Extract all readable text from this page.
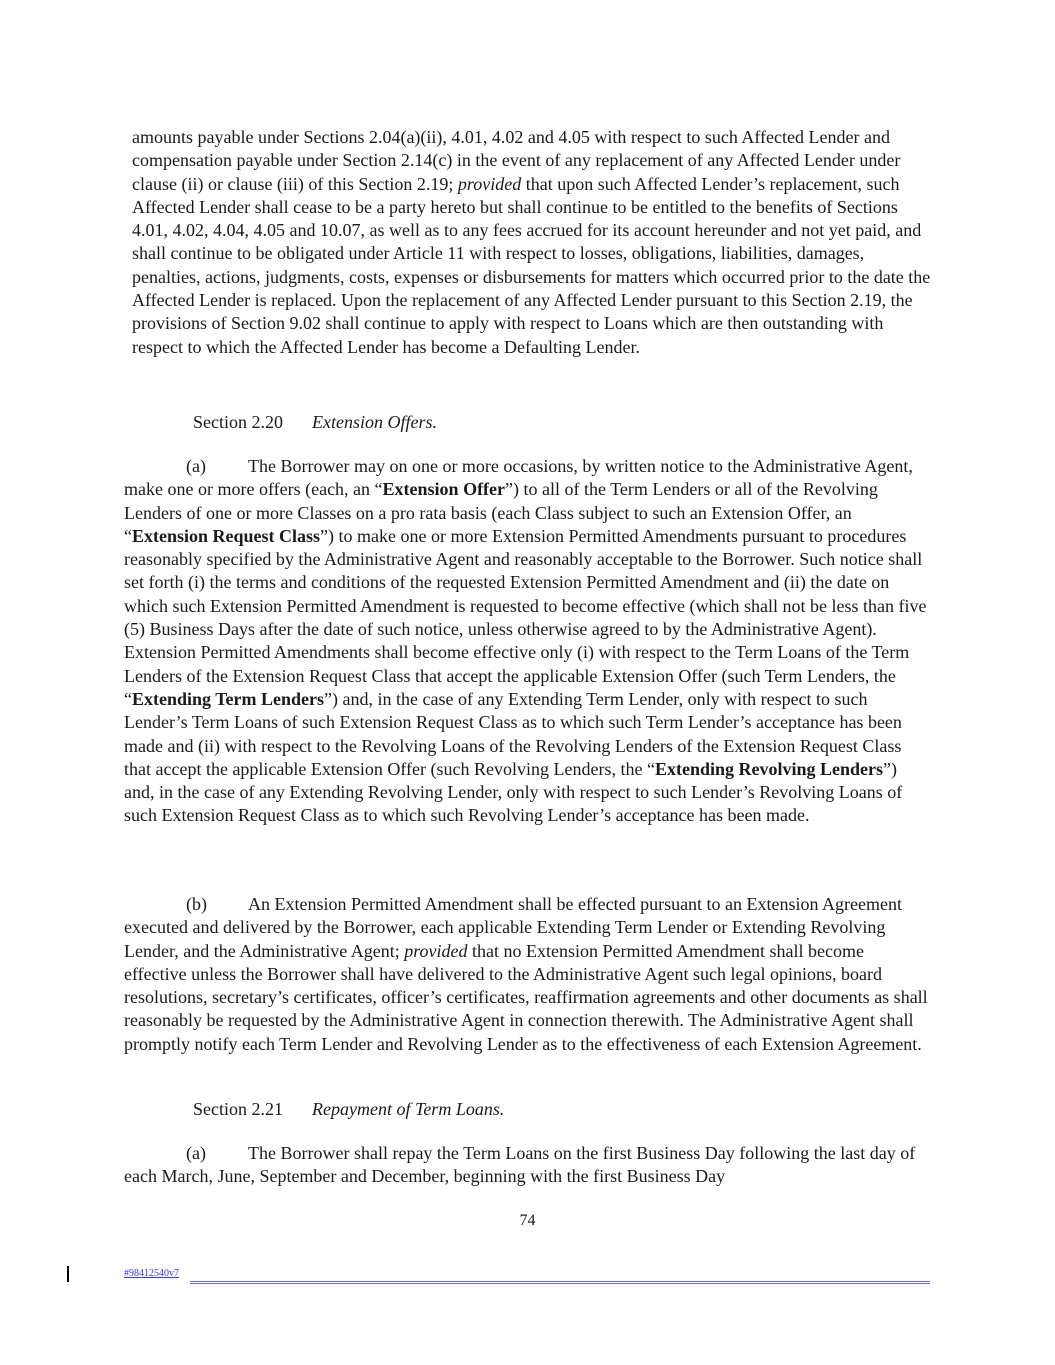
amounts payable under Sections 2.04(a)(ii), 4.01, 4.02 and 4.05 with respect to such Affected Lender and compensation payable under Section 2.14(c) in the event of any replacement of any Affected Lender under clause (ii) or clause (iii) of this Section 2.19; provided that upon such Affected Lender’s replacement, such Affected Lender shall cease to be a party hereto but shall continue to be entitled to the benefits of Sections 4.01, 4.02, 4.04, 4.05 and 10.07, as well as to any fees accrued for its account hereunder and not yet paid, and shall continue to be obligated under Article 11 with respect to losses, obligations, liabilities, damages, penalties, actions, judgments, costs, expenses or disbursements for matters which occurred prior to the date the Affected Lender is replaced. Upon the replacement of any Affected Lender pursuant to this Section 2.19, the provisions of Section 9.02 shall continue to apply with respect to Loans which are then outstanding with respect to which the Affected Lender has become a Defaulting Lender.

Section 2.20 Extension Offers.

(a) The Borrower may on one or more occasions, by written notice to the Administrative Agent, make one or more offers (each, an “Extension Offer”) to all of the Term Lenders or all of the Revolving Lenders of one or more Classes on a pro rata basis (each Class subject to such an Extension Offer, an “Extension Request Class”) to make one or more Extension Permitted Amendments pursuant to procedures reasonably specified by the Administrative Agent and reasonably acceptable to the Borrower. Such notice shall set forth (i) the terms and conditions of the requested Extension Permitted Amendment and (ii) the date on which such Extension Permitted Amendment is requested to become effective (which shall not be less than five (5) Business Days after the date of such notice, unless otherwise agreed to by the Administrative Agent). Extension Permitted Amendments shall become effective only (i) with respect to the Term Loans of the Term Lenders of the Extension Request Class that accept the applicable Extension Offer (such Term Lenders, the “Extending Term Lenders”) and, in the case of any Extending Term Lender, only with respect to such Lender’s Term Loans of such Extension Request Class as to which such Term Lender’s acceptance has been made and (ii) with respect to the Revolving Loans of the Revolving Lenders of the Extension Request Class that accept the applicable Extension Offer (such Revolving Lenders, the “Extending Revolving Lenders”) and, in the case of any Extending Revolving Lender, only with respect to such Lender’s Revolving Loans of such Extension Request Class as to which such Revolving Lender’s acceptance has been made.

(b) An Extension Permitted Amendment shall be effected pursuant to an Extension Agreement executed and delivered by the Borrower, each applicable Extending Term Lender or Extending Revolving Lender, and the Administrative Agent; provided that no Extension Permitted Amendment shall become effective unless the Borrower shall have delivered to the Administrative Agent such legal opinions, board resolutions, secretary’s certificates, officer’s certificates, reaffirmation agreements and other documents as shall reasonably be requested by the Administrative Agent in connection therewith. The Administrative Agent shall promptly notify each Term Lender and Revolving Lender as to the effectiveness of each Extension Agreement.

Section 2.21 Repayment of Term Loans.

(a) The Borrower shall repay the Term Loans on the first Business Day following the last day of each March, June, September and December, beginning with the first Business Day

74
#98412540v7
